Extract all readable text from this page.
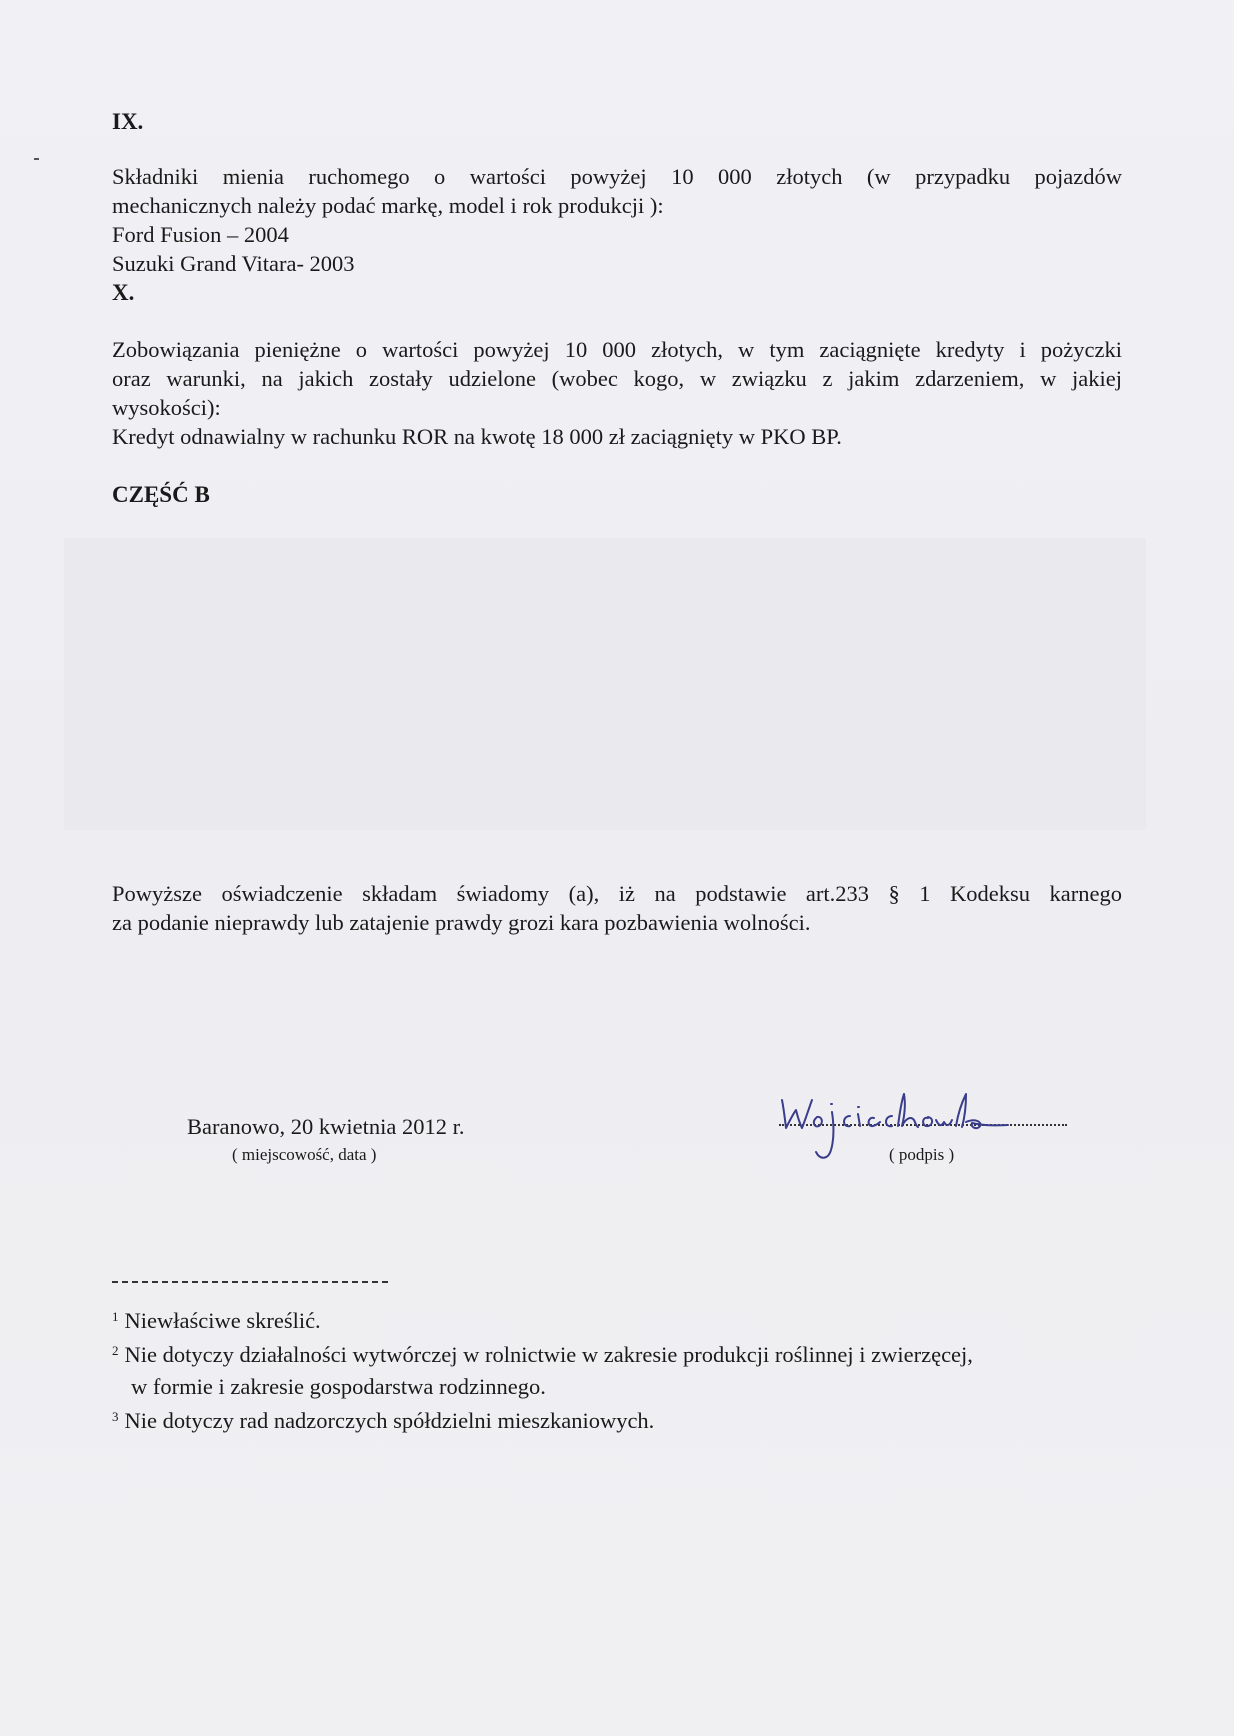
IX.
Składniki mienia ruchomego o wartości powyżej 10 000 złotych (w przypadku pojazdów
mechanicznych należy podać markę, model i rok produkcji ):
Ford Fusion – 2004
Suzuki Grand Vitara- 2003
X.
Zobowiązania pieniężne o wartości powyżej 10 000 złotych, w tym zaciągnięte kredyty i pożyczki
oraz warunki, na jakich zostały udzielone (wobec kogo, w związku z jakim zdarzeniem, w jakiej
wysokości):
Kredyt odnawialny w rachunku ROR na kwotę 18 000 zł zaciągnięty w PKO BP.
CZĘŚĆ B
Powyższe oświadczenie składam świadomy (a), iż na podstawie art.233 § 1 Kodeksu karnego
za podanie nieprawdy lub zatajenie prawdy grozi kara pozbawienia wolności.
Baranowo, 20 kwietnia 2012 r.
( miejscowość, data )	( podpis )
$^1$ Niewłaściwe skreślić.
$^2$ Nie dotyczy działalności wytwórczej w rolnictwie w zakresie produkcji roślinnej i zwierzęcej,
w formie i zakresie gospodarstwa rodzinnego.
$^3$ Nie dotyczy rad nadzorczych spółdzielni mieszkaniowych.
